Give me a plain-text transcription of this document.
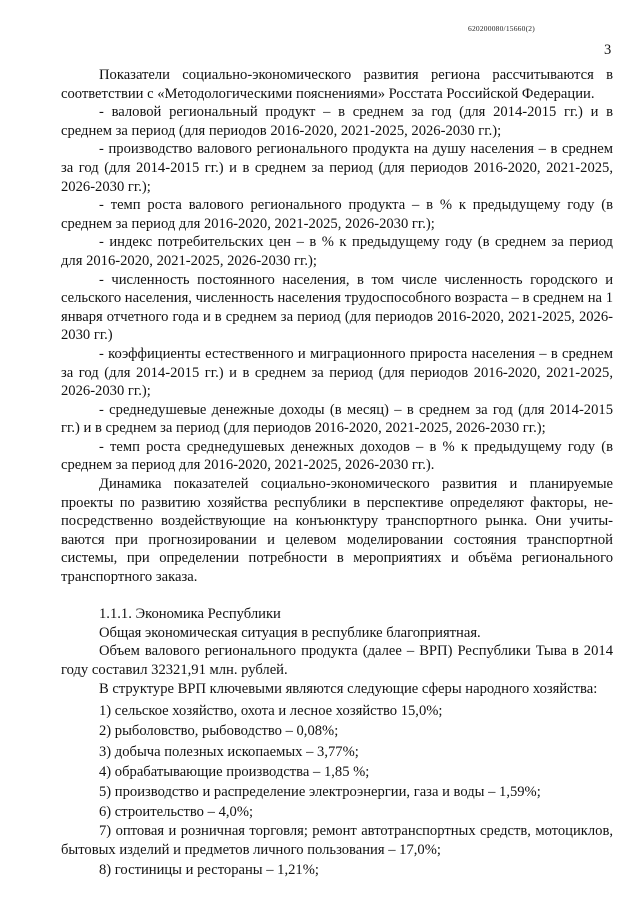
620200080/15660(2)
3

Показатели социально-экономического развития региона рассчитываются в соответствии с «Методологическими пояснениями» Росстата Российской Федерации.

- валовой региональный продукт – в среднем за год (для 2014-2015 гг.) и в среднем за период (для периодов 2016-2020, 2021-2025, 2026-2030 гг.);

- производство валового регионального продукта на душу населения – в среднем за год (для 2014-2015 гг.) и в среднем за период (для периодов 2016-2020, 2021-2025, 2026-2030 гг.);

- темп роста валового регионального продукта – в % к предыдущему году (в среднем за период для 2016-2020, 2021-2025, 2026-2030 гг.);

- индекс потребительских цен – в % к предыдущему году (в среднем за период для 2016-2020, 2021-2025, 2026-2030 гг.);

- численность постоянного населения, в том числе численность городского и сельского населения, численность населения трудоспособного возраста – в среднем на 1 января отчетного года и в среднем за период (для периодов 2016-2020, 2021-2025, 2026-2030 гг.)

- коэффициенты естественного и миграционного прироста населения – в среднем за год (для 2014-2015 гг.) и в среднем за период (для периодов 2016-2020, 2021-2025, 2026-2030 гг.);

- среднедушевые денежные доходы (в месяц) – в среднем за год (для 2014-2015 гг.) и в среднем за период (для периодов 2016-2020, 2021-2025, 2026-2030 гг.);

- темп роста среднедушевых денежных доходов – в % к предыдущему году (в среднем за период для 2016-2020, 2021-2025, 2026-2030 гг.).

Динамика показателей социально-экономического развития и планируемые проекты по развитию хозяйства республики в перспективе определяют факторы, непосредственно воздействующие на конъюнктуру транспортного рынка. Они учитываются при прогнозировании и целевом моделировании состояния транспортной системы, при определении потребности в мероприятиях и объёма регионального транспортного заказа.

1.1.1. Экономика Республики

Общая экономическая ситуация в республике благоприятная.

Объем валового регионального продукта (далее – ВРП) Республики Тыва в 2014 году составил 32321,91 млн. рублей.

В структуре ВРП ключевыми являются следующие сферы народного хозяйства:

1) сельское хозяйство, охота и лесное хозяйство 15,0%;

2) рыболовство, рыбоводство – 0,08%;

3) добыча полезных ископаемых – 3,77%;

4) обрабатывающие производства – 1,85 %;

5) производство и распределение электроэнергии, газа и воды – 1,59%;

6) строительство – 4,0%;

7) оптовая и розничная торговля; ремонт автотранспортных средств, мотоциклов, бытовых изделий и предметов личного пользования – 17,0%;

8) гостиницы и рестораны – 1,21%;
